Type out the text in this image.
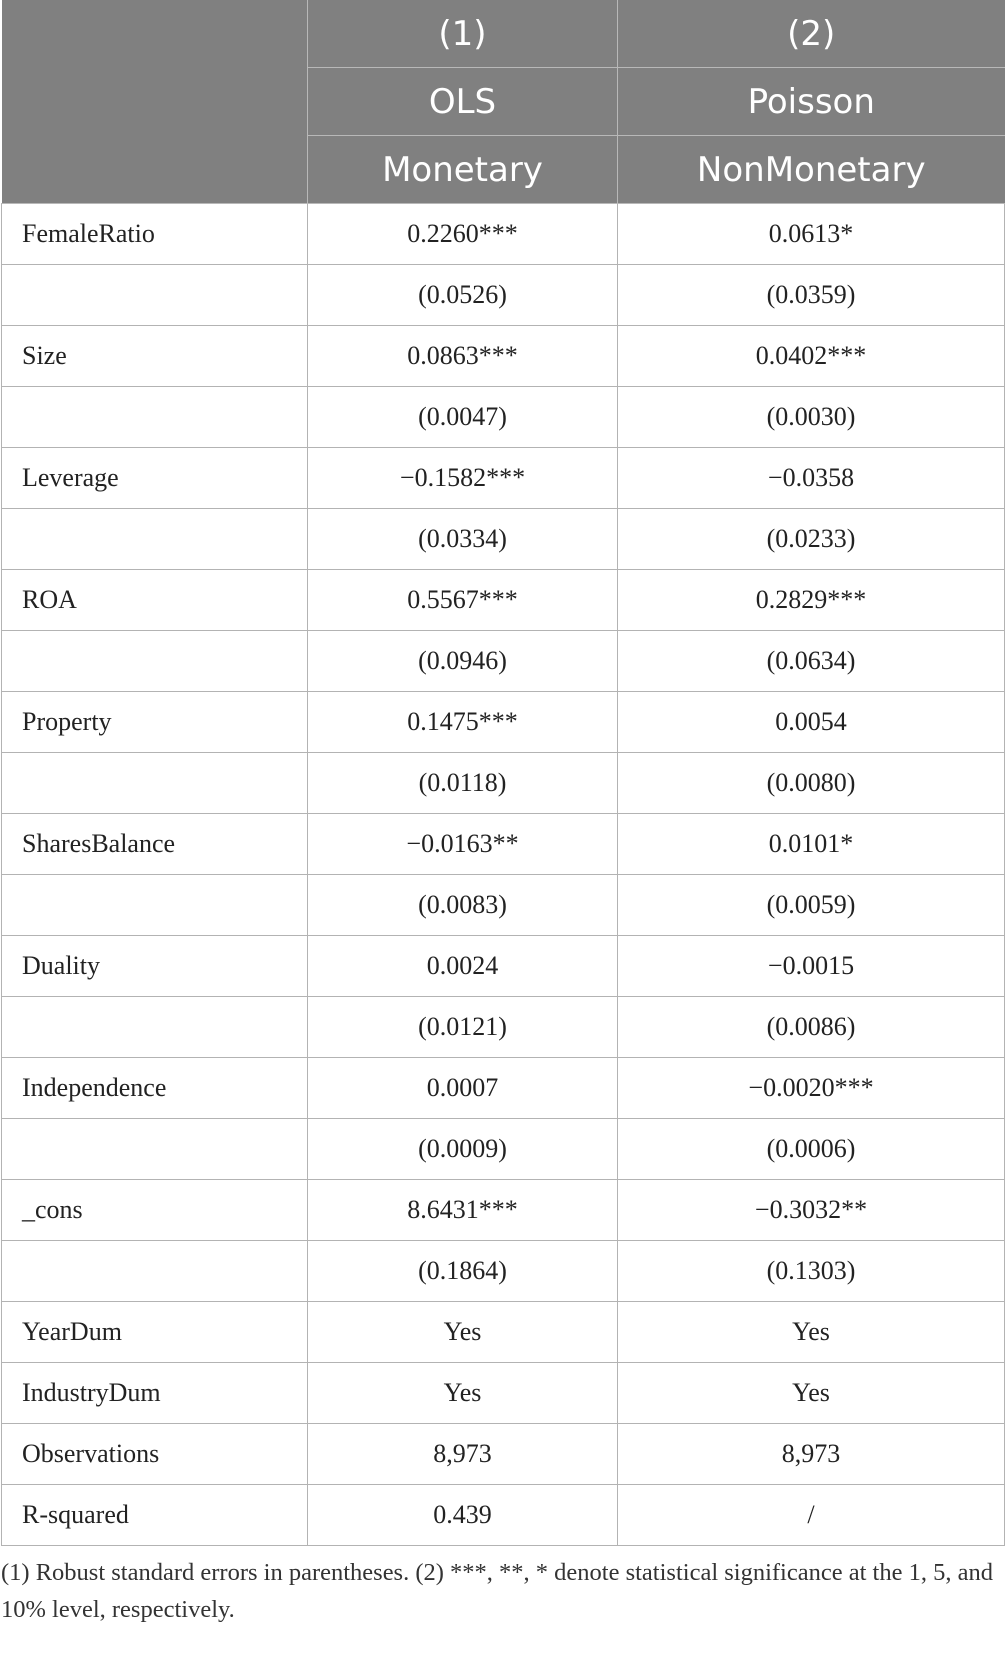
	(1)	(2)
	OLS	Poisson
	Monetary	NonMonetary
FemaleRatio	0.2260***	0.0613*
	(0.0526)	(0.0359)
Size	0.0863***	0.0402***
	(0.0047)	(0.0030)
Leverage	−0.1582***	−0.0358
	(0.0334)	(0.0233)
ROA	0.5567***	0.2829***
	(0.0946)	(0.0634)
Property	0.1475***	0.0054
	(0.0118)	(0.0080)
SharesBalance	−0.0163**	0.0101*
	(0.0083)	(0.0059)
Duality	0.0024	−0.0015
	(0.0121)	(0.0086)
Independence	0.0007	−0.0020***
	(0.0009)	(0.0006)
_cons	8.6431***	−0.3032**
	(0.1864)	(0.1303)
YearDum	Yes	Yes
IndustryDum	Yes	Yes
Observations	8,973	8,973
R-squared	0.439	/

(1) Robust standard errors in parentheses. (2) ***, **, * denote statistical significance at the 1, 5, and 10% level, respectively.
